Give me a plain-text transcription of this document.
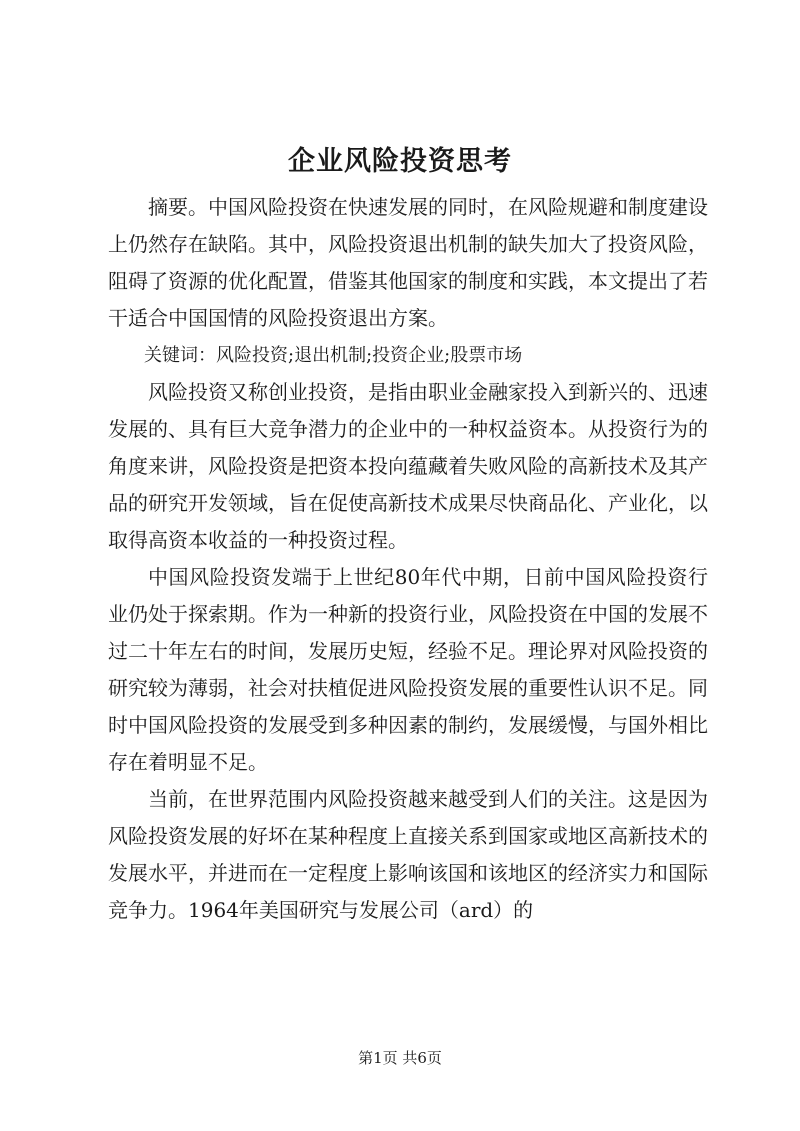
企业风险投资思考

摘要。中国风险投资在快速发展的同时，在风险规避和制度建设上仍然存在缺陷。其中，风险投资退出机制的缺失加大了投资风险，阻碍了资源的优化配置，借鉴其他国家的制度和实践，本文提出了若干适合中国国情的风险投资退出方案。

关键词：风险投资;退出机制;投资企业;股票市场

风险投资又称创业投资，是指由职业金融家投入到新兴的、迅速发展的、具有巨大竞争潜力的企业中的一种权益资本。从投资行为的角度来讲，风险投资是把资本投向蕴藏着失败风险的高新技术及其产品的研究开发领域，旨在促使高新技术成果尽快商品化、产业化，以取得高资本收益的一种投资过程。

中国风险投资发端于上世纪80年代中期，日前中国风险投资行业仍处于探索期。作为一种新的投资行业，风险投资在中国的发展不过二十年左右的时间，发展历史短，经验不足。理论界对风险投资的研究较为薄弱，社会对扶植促进风险投资发展的重要性认识不足。同时中国风险投资的发展受到多种因素的制约，发展缓慢，与国外相比存在着明显不足。

当前，在世界范围内风险投资越来越受到人们的关注。这是因为风险投资发展的好坏在某种程度上直接关系到国家或地区高新技术的发展水平，并进而在一定程度上影响该国和该地区的经济实力和国际竞争力。1964年美国研究与发展公司（ard）的

第1页 共6页
